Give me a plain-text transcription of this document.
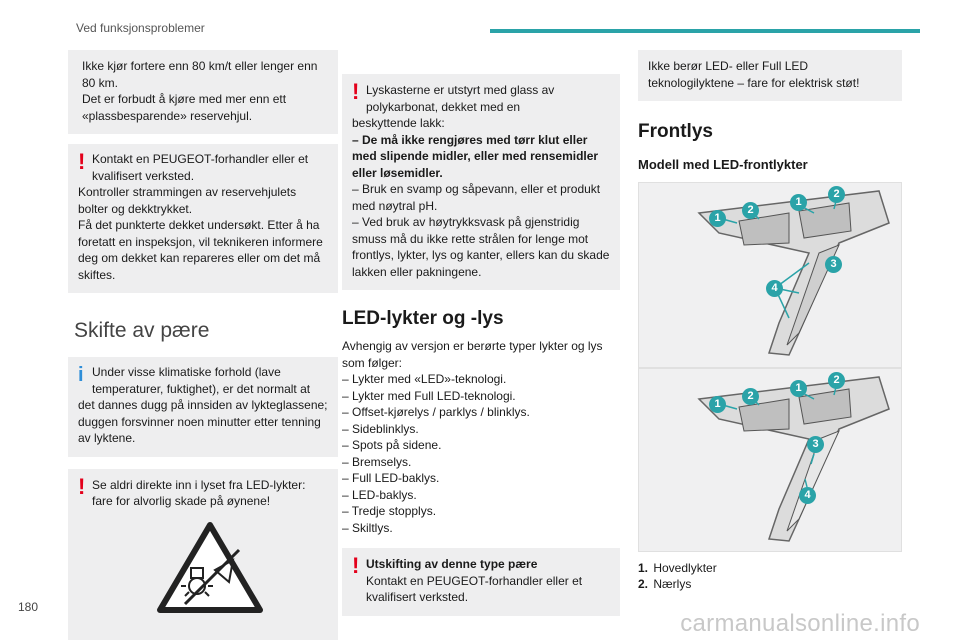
Ved funksjonsproblemer

Ikke kjør fortere enn 80 km/t eller lenger enn 80 km.
Det er forbudt å kjøre med mer enn ett «plassbesparende» reservehjul.

! Kontakt en PEUGEOT-forhandler eller et kvalifisert verksted.

Kontroller strammingen av reservehjulets bolter og dekktrykket.
Få det punkterte dekket undersøkt. Etter å ha foretatt en inspeksjon, vil teknikeren informere deg om dekket kan repareres eller om det må skiftes.

Skifte av pære
i Under visse klimatiske forhold (lave temperaturer, fuktighet), er det normalt at

det dannes dugg på innsiden av lykteglassene; duggen forsvinner noen minutter etter tenning av lyktene.

! Se aldri direkte inn i lyset fra LED-lykter: fare for alvorlig skade på øynene!

! Lyskasterne er utstyrt med glass av polykarbonat, dekket med en

beskyttende lakk:

– De må ikke rengjøres med tørr klut eller med slipende midler, eller med rensemidler eller løsemidler.

– Bruk en svamp og såpevann, eller et produkt med nøytral pH.
– Ved bruk av høytrykksvask på gjenstridig smuss må du ikke rette strålen for lenge mot frontlys, lykter, lys og kanter, ellers kan du skade lakken eller pakningene.

LED-lykter og -lys

Avhengig av versjon er berørte typer lykter og lys som følger:

– Lykter med «LED»-teknologi.
– Lykter med Full LED-teknologi.
– Offset-kjørelys / parklys / blinklys.
– Sideblinklys.
– Spots på sidene.
– Bremselys.
– Full LED-baklys.
– LED-baklys.
– Tredje stopplys.
– Skiltlys.
! Utskifting av denne type pære

Kontakt en PEUGEOT-forhandler eller et kvalifisert verksted.

Ikke berør LED- eller Full LED teknologilyktene – fare for elektrisk støt!

Frontlys
Modell med LED-frontlykter
1
2
1
2
3
4
1
2
1
2
3
4
1. Hovedlykter
2. Nærlys
180
carmanualsonline.info
